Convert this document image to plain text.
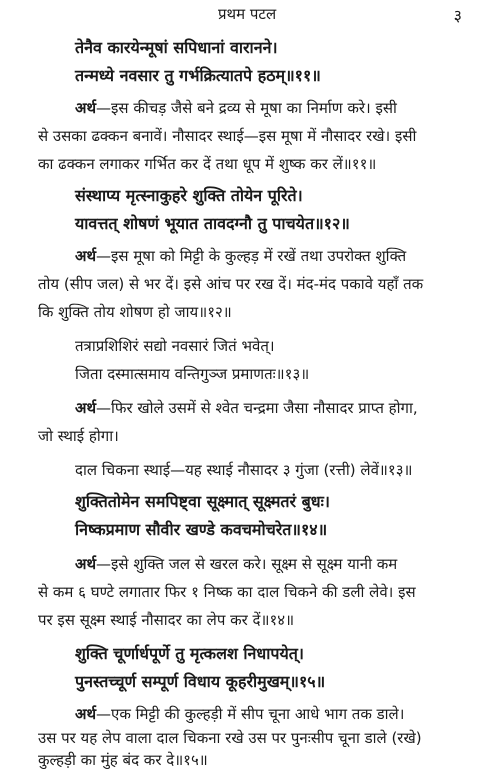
प्रथम पटल	३
तेनैव कारयेन्मूषां सपिधानां वारानने।
तन्मध्ये नवसार तु गर्भक्रित्यातपे हठम्॥११॥
अर्थ—इस कीचड़ जैसे बने द्रव्य से मूषा का निर्माण करे। इसी
से उसका ढक्कन बनावें। नौसादर स्थाई—इस मूषा में नौसादर रखे। इसी
का ढक्कन लगाकर गर्भित कर दें तथा धूप में शुष्क कर लें॥११॥
संस्थाप्य मृत्स्नाकुहरे शुक्ति तोयेन पूरिते।
यावत्तत् शोषणं भूयात तावदग्नौ तु पाचयेत॥१२॥
अर्थ—इस मूषा को मिट्टी के कुल्हड़ में रखें तथा उपरोक्त शुक्ति
तोय (सीप जल) से भर दें। इसे आंच पर रख दें। मंद-मंद पकावे यहाँ तक
कि शुक्ति तोय शोषण हो जाय॥१२॥
तत्राप्रशिशिरं सद्यो नवसारं जितं भवेत्।
जिता दस्मात्समाय वन्तिगुञ्ज प्रमाणतः॥१३॥
अर्थ—फिर खोले उसमें से श्वेत चन्द्रमा जैसा नौसादर प्राप्त होगा,
जो स्थाई होगा।
दाल चिकना स्थाई—यह स्थाई नौसादर ३ गुंजा (रत्ती) लेवें॥१३॥
शुक्तितोमेन समपिष्ट्वा सूक्ष्मात् सूक्ष्मतरं बुधः।
निष्कप्रमाण सौवीर खण्डे कवचमोचरेत॥१४॥
अर्थ—इसे शुक्ति जल से खरल करे। सूक्ष्म से सूक्ष्म यानी कम
से कम ६ घण्टे लगातार फिर १ निष्क का दाल चिकने की डली लेवे। इस
पर इस सूक्ष्म स्थाई नौसादर का लेप कर दें॥१४॥
शुक्ति चूर्णार्धपूर्णे तु मृत्कलश निधापयेत्।
पुनस्तच्चूर्ण सम्पूर्ण विधाय कूहरीमुखम्॥१५॥
अर्थ—एक मिट्टी की कुल्हड़ी में सीप चूना आधे भाग तक डाले।
उस पर यह लेप वाला दाल चिकना रखे उस पर पुनःसीप चूना डाले (रखे)
कुल्हड़ी का मुंह बंद कर दे॥१५॥
